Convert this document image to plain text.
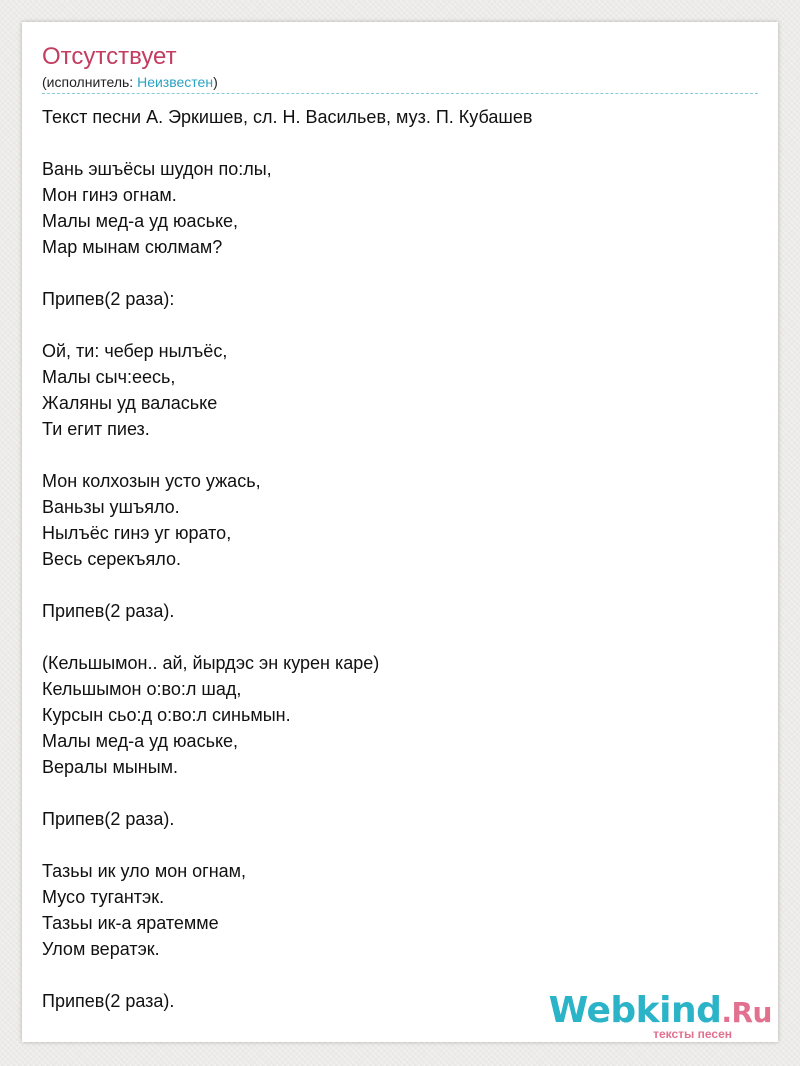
Отсутствует
(исполнитель: Неизвестен)
Текст песни А. Эркишев, сл. Н. Васильев, муз. П. Кубашев
Вань эшъёсы шудон по:лы,
Мон гинэ огнам.
Малы мед-а уд юаське,
Мар мынам сюлмам?
Припев(2 раза):
Ой, ти: чебер нылъёс,
Малы сыч:еесь,
Жаляны уд валаське
Ти егит пиез.
Мон колхозын усто ужась,
Ваньзы ушъяло.
Нылъёс гинэ уг юрато,
Весь серекъяло.
Припев(2 раза).
(Кельшымон.. ай, йырдэс эн курен каре)
Кельшымон о:во:л шад,
Курсын сьо:д о:во:л синьмын.
Малы мед-а уд юаське,
Вералы мыным.
Припев(2 раза).
Тазьы ик уло мон огнам,
Мусо тугантэк.
Тазьы ик-а яратемме
Улом вератэк.
Припев(2 раза).	Webkind.Ru
тексты песен
